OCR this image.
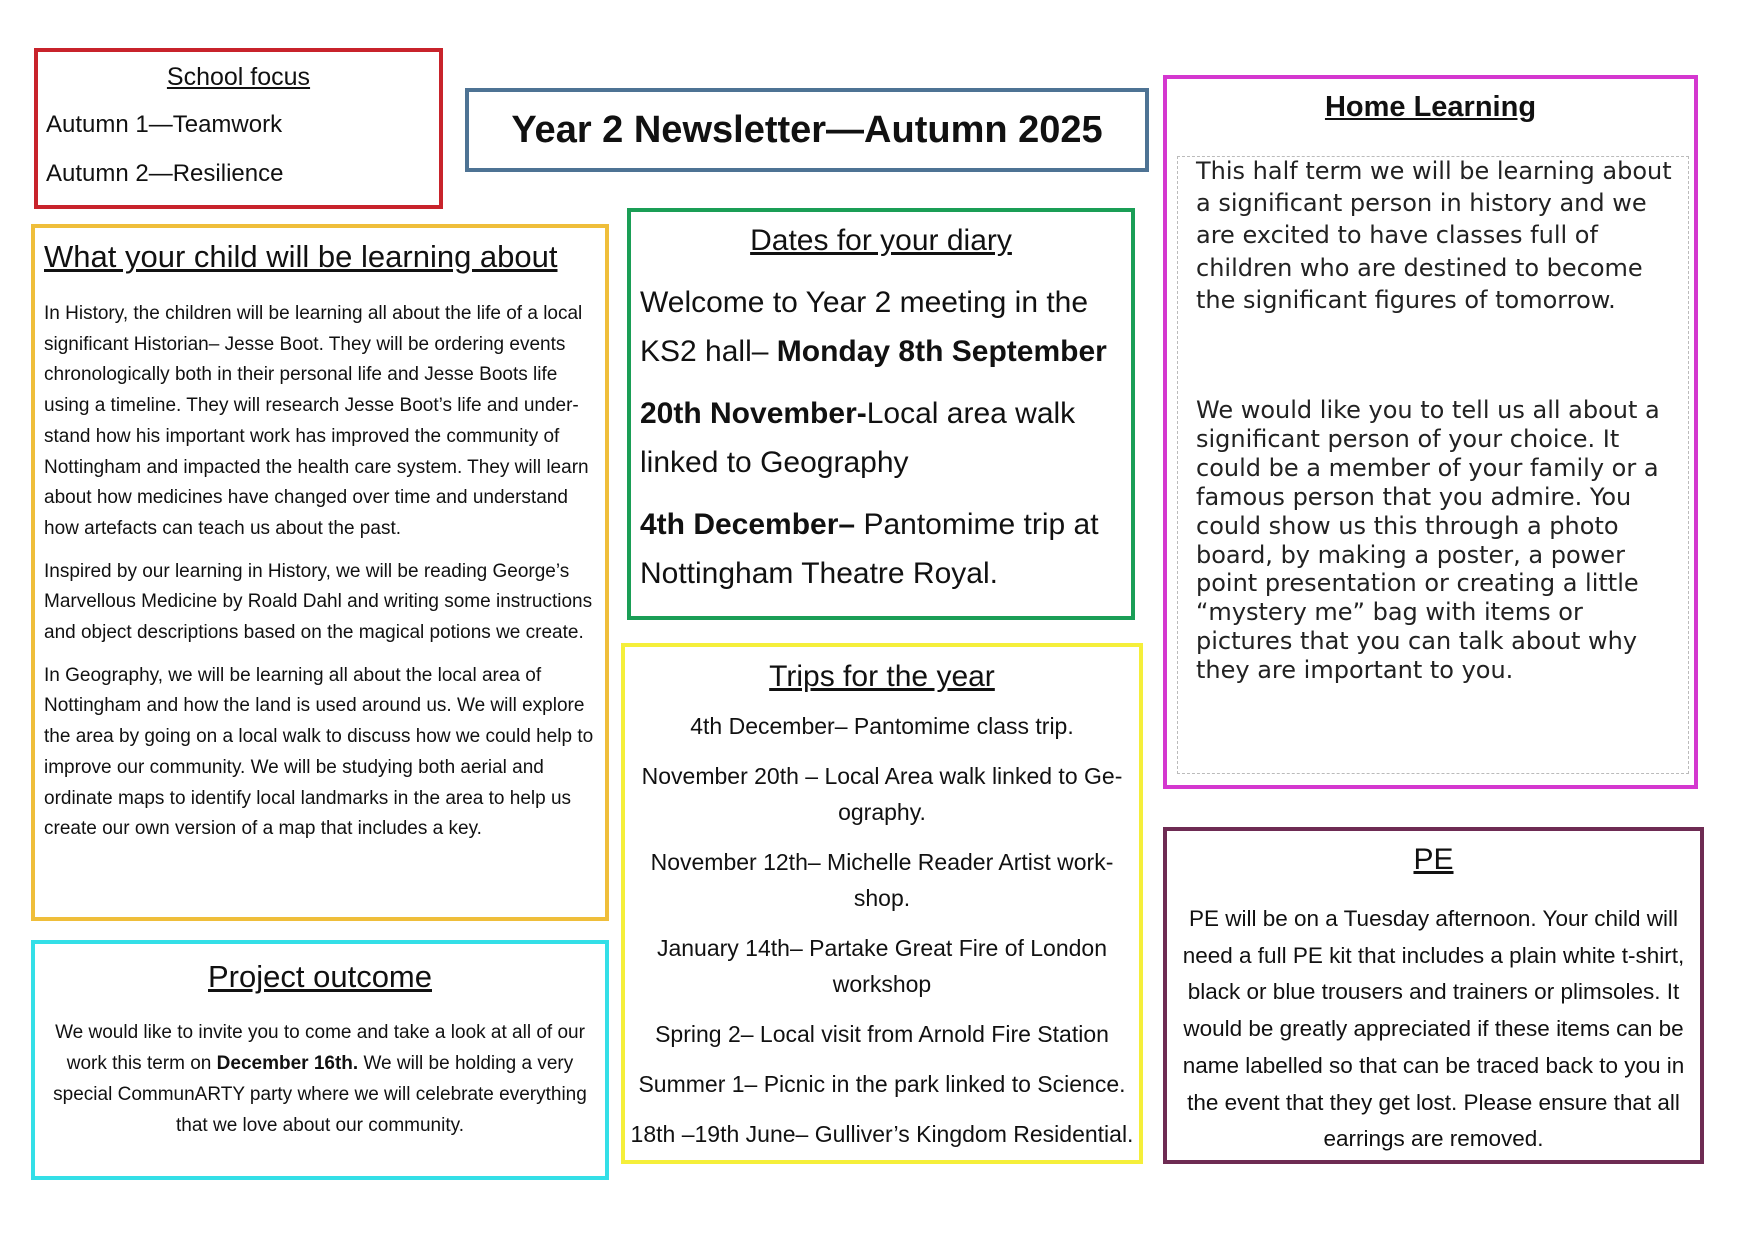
School focus
Autumn 1—Teamwork
Autumn 2—Resilience
Year 2 Newsletter—Autumn 2025
What your child will be learning about

In History, the children will be learning all about the life of a local significant Historian– Jesse Boot. They will be ordering events chronologically both in their personal life and Jesse Boots life using a timeline. They will research Jesse Boot’s life and understand how his important work has improved the community of Nottingham and impacted the health care system. They will learn about how medicines have changed over time and understand how artefacts can teach us about the past.

Inspired by our learning in History, we will be reading George’s Marvellous Medicine by Roald Dahl and writing some instructions and object descriptions based on the magical potions we create.

In Geography, we will be learning all about the local area of Nottingham and how the land is used around us. We will explore the area by going on a local walk to discuss how we could help to improve our community. We will be studying both aerial and ordinate maps to identify local landmarks in the area to help us create our own version of a map that includes a key.

Project outcome
We would like to invite you to come and take a look at all of our work this term on December 16th. We will be holding a very special CommunARTY party where we will celebrate everything that we love about our community.
Dates for your diary

Welcome to Year 2 meeting in the KS2 hall– Monday 8th September

20th November-Local area walk linked to Geography

4th December– Pantomime trip at Nottingham Theatre Royal.

Trips for the year

4th December– Pantomime class trip.

November 20th – Local Area walk linked to Geography.

November 12th– Michelle Reader Artist workshop.

January 14th– Partake Great Fire of London workshop

Spring 2– Local visit from Arnold Fire Station

Summer 1– Picnic in the park linked to Science.

18th –19th June– Gulliver’s Kingdom Residential.

Home Learning

This half term we will be learning about a significant person in history and we are excited to have classes full of children who are destined to become the significant figures of tomorrow.

We would like you to tell us all about a significant person of your choice. It could be a member of your family or a famous person that you admire. You could show us this through a photo board, by making a poster, a power point presentation or creating a little “mystery me” bag with items or pictures that you can talk about why they are important to you.

PE
PE will be on a Tuesday afternoon. Your child will need a full PE kit that includes a plain white t-shirt, black or blue trousers and trainers or plimsoles. It would be greatly appreciated if these items can be name labelled so that can be traced back to you in the event that they get lost. Please ensure that all earrings are removed.
